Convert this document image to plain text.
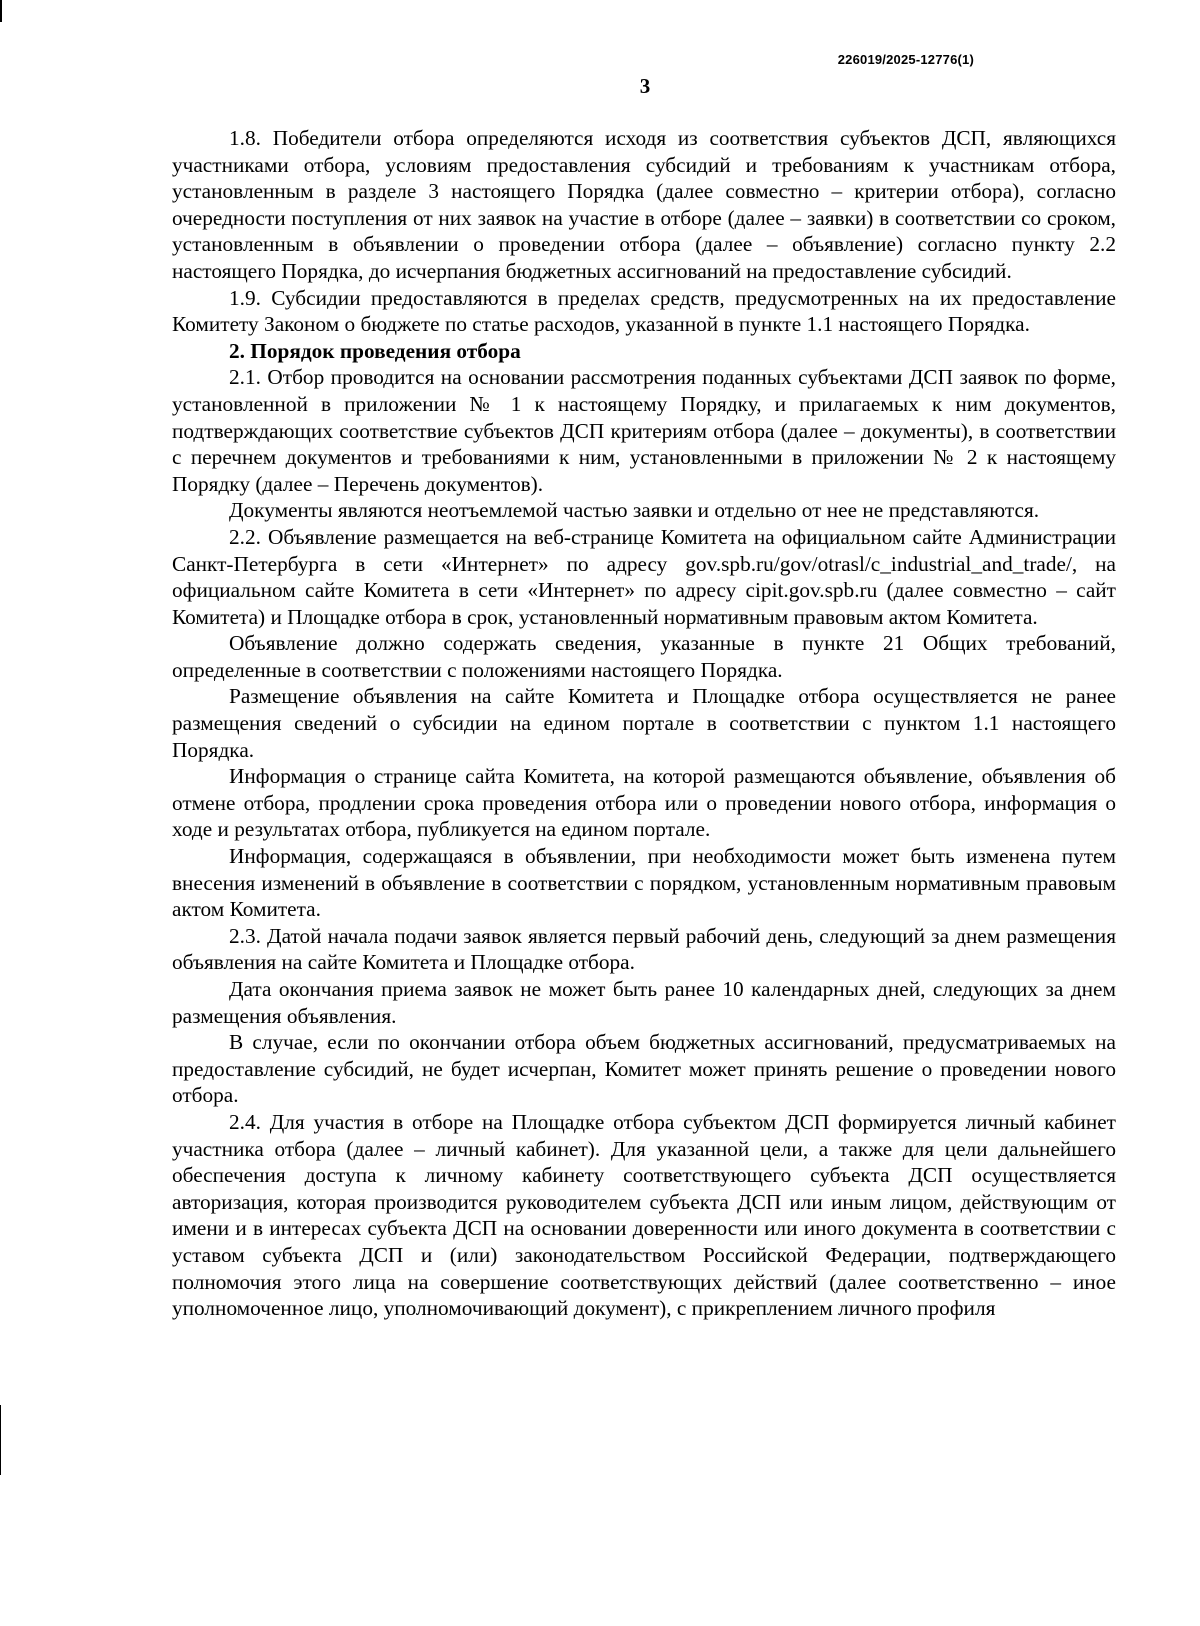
226019/2025-12776(1)
3

1.8. Победители отбора определяются исходя из соответствия субъектов ДСП, являющихся участниками отбора, условиям предоставления субсидий и требованиям к участникам отбора, установленным в разделе 3 настоящего Порядка (далее совместно – критерии отбора), согласно очередности поступления от них заявок на участие в отборе (далее – заявки) в соответствии со сроком, установленным в объявлении о проведении отбора (далее – объявление) согласно пункту 2.2 настоящего Порядка, до исчерпания бюджетных ассигнований на предоставление субсидий.

1.9. Субсидии предоставляются в пределах средств, предусмотренных на их предоставление Комитету Законом о бюджете по статье расходов, указанной в пункте 1.1 настоящего Порядка.

2. Порядок проведения отбора

2.1. Отбор проводится на основании рассмотрения поданных субъектами ДСП заявок по форме, установленной в приложении № 1 к настоящему Порядку, и прилагаемых к ним документов, подтверждающих соответствие субъектов ДСП критериям отбора (далее – документы), в соответствии с перечнем документов и требованиями к ним, установленными в приложении № 2 к настоящему Порядку (далее – Перечень документов).

Документы являются неотъемлемой частью заявки и отдельно от нее не представляются.

2.2. Объявление размещается на веб-странице Комитета на официальном сайте Администрации Санкт-Петербурга в сети «Интернет» по адресу gov.spb.ru/gov/otrasl/c_industrial_and_trade/, на официальном сайте Комитета в сети «Интернет» по адресу cipit.gov.spb.ru (далее совместно – сайт Комитета) и Площадке отбора в срок, установленный нормативным правовым актом Комитета.

Объявление должно содержать сведения, указанные в пункте 21 Общих требований, определенные в соответствии с положениями настоящего Порядка.

Размещение объявления на сайте Комитета и Площадке отбора осуществляется не ранее размещения сведений о субсидии на едином портале в соответствии с пунктом 1.1 настоящего Порядка.

Информация о странице сайта Комитета, на которой размещаются объявление, объявления об отмене отбора, продлении срока проведения отбора или о проведении нового отбора, информация о ходе и результатах отбора, публикуется на едином портале.

Информация, содержащаяся в объявлении, при необходимости может быть изменена путем внесения изменений в объявление в соответствии с порядком, установленным нормативным правовым актом Комитета.

2.3. Датой начала подачи заявок является первый рабочий день, следующий за днем размещения объявления на сайте Комитета и Площадке отбора.

Дата окончания приема заявок не может быть ранее 10 календарных дней, следующих за днем размещения объявления.

В случае, если по окончании отбора объем бюджетных ассигнований, предусматриваемых на предоставление субсидий, не будет исчерпан, Комитет может принять решение о проведении нового отбора.

2.4. Для участия в отборе на Площадке отбора субъектом ДСП формируется личный кабинет участника отбора (далее – личный кабинет). Для указанной цели, а также для цели дальнейшего обеспечения доступа к личному кабинету соответствующего субъекта ДСП осуществляется авторизация, которая производится руководителем субъекта ДСП или иным лицом, действующим от имени и в интересах субъекта ДСП на основании доверенности или иного документа в соответствии с уставом субъекта ДСП и (или) законодательством Российской Федерации, подтверждающего полномочия этого лица на совершение соответствующих действий (далее соответственно – иное уполномоченное лицо, уполномочивающий документ), с прикреплением личного профиля
